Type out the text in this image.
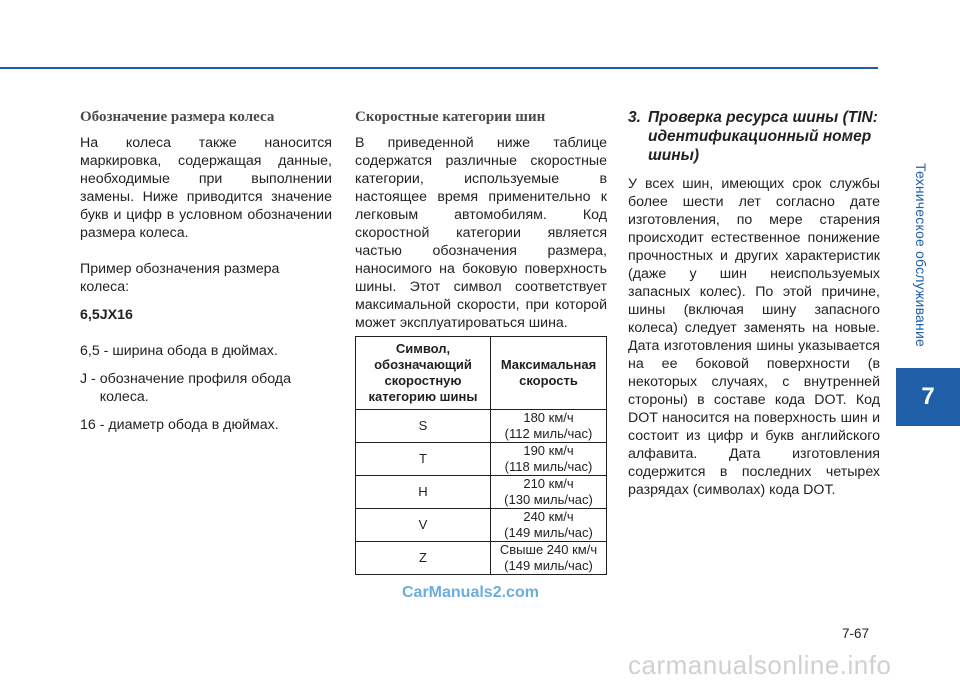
Техническое обслуживание
7
Обозначение размера колеса

На колеса также наносится маркировка, содержащая данные, необходимые при выполнении замены. Ниже приводится значение букв и цифр в условном обозначении размера колеса.

Пример обозначения размера колеса:

6,5JX16

6,5 - ширина обода в дюймах.
J - обозначение профиля обода колеса.
16 - диаметр обода в дюймах.
Скоростные категории шин

В приведенной ниже таблице содержатся различные скоростные категории, используемые в настоящее время применительно к легковым автомобилям. Код скоростной категории является частью обозначения размера, наносимого на боковую поверхность шины. Этот символ соответствует максимальной скорости, при которой может эксплуатироваться шина.

Символ, обозначающий скоростную категорию шины	Максимальная скорость
S	180 км/ч
(112 миль/час)

T	190 км/ч
(118 миль/час)

H	210 км/ч
(130 миль/час)

V	240 км/ч
(149 миль/час)

Z	Свыше 240 км/ч
(149 миль/час)
3. Проверка ресурса шины (TIN: идентификационный номер шины)

У всех шин, имеющих срок службы более шести лет согласно дате изготовления, по мере старения происходит естественное понижение прочностных и других характеристик (даже у шин неиспользуемых запасных колес). По этой причине, шины (включая шину запасного колеса) следует заменять на новые. Дата изготовления шины указывается на ее боковой поверхности (в некоторых случаях, с внутренней стороны) в составе кода DOT. Код DOT наносится на поверхность шин и состоит из цифр и букв английского алфавита. Дата изготовления содержится в последних четырех разрядах (символах) кода DOT.

CarManuals2.com
7-67
carmanualsonline.info
